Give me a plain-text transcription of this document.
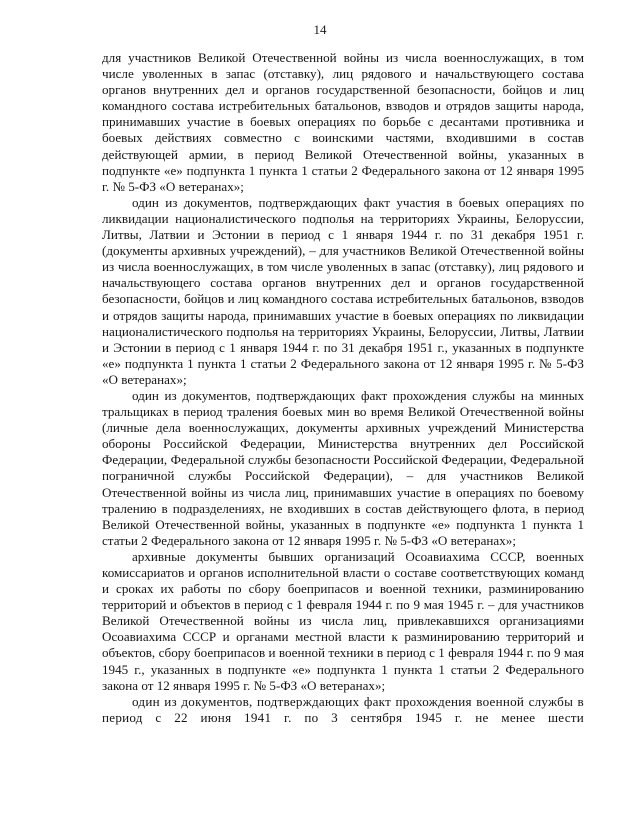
14

для участников Великой Отечественной войны из числа военнослужащих, в том числе уволенных в запас (отставку), лиц рядового и начальствующего состава органов внутренних дел и органов государственной безопасности, бойцов и лиц командного состава истребительных батальонов, взводов и отрядов защиты народа, принимавших участие в боевых операциях по борьбе с десантами противника и боевых действиях совместно с воинскими частями, входившими в состав действующей армии, в период Великой Отечественной войны, указанных в подпункте «е» подпункта 1 пункта 1 статьи 2 Федерального закона от 12 января 1995 г. № 5-ФЗ «О ветеранах»;

один из документов, подтверждающих факт участия в боевых операциях по ликвидации националистического подполья на территориях Украины, Белоруссии, Литвы, Латвии и Эстонии в период с 1 января 1944 г. по 31 декабря 1951 г. (документы архивных учреждений), – для участников Великой Отечественной войны из числа военнослужащих, в том числе уволенных в запас (отставку), лиц рядового и начальствующего состава органов внутренних дел и органов государственной безопасности, бойцов и лиц командного состава истребительных батальонов, взводов и отрядов защиты народа, принимавших участие в боевых операциях по ликвидации националистического подполья на территориях Украины, Белоруссии, Литвы, Латвии и Эстонии в период с 1 января 1944 г. по 31 декабря 1951 г., указанных в подпункте «е» подпункта 1 пункта 1 статьи 2 Федерального закона от 12 января 1995 г. № 5-ФЗ «О ветеранах»;

один из документов, подтверждающих факт прохождения службы на минных тральщиках в период траления боевых мин во время Великой Отечественной войны (личные дела военнослужащих, документы архивных учреждений Министерства обороны Российской Федерации, Министерства внутренних дел Российской Федерации, Федеральной службы безопасности Российской Федерации, Федеральной пограничной службы Российской Федерации), – для участников Великой Отечественной войны из числа лиц, принимавших участие в операциях по боевому тралению в подразделениях, не входивших в состав действующего флота, в период Великой Отечественной войны, указанных в подпункте «е» подпункта 1 пункта 1 статьи 2 Федерального закона от 12 января 1995 г. № 5-ФЗ «О ветеранах»;

архивные документы бывших организаций Осоавиахима СССР, военных комиссариатов и органов исполнительной власти о составе соответствующих команд и сроках их работы по сбору боеприпасов и военной техники, разминированию территорий и объектов в период с 1 февраля 1944 г. по 9 мая 1945 г. – для участников Великой Отечественной войны из числа лиц, привлекавшихся организациями Осоавиахима СССР и органами местной власти к разминированию территорий и объектов, сбору боеприпасов и военной техники в период с 1 февраля 1944 г. по 9 мая 1945 г., указанных в подпункте «е» подпункта 1 пункта 1 статьи 2 Федерального закона от 12 января 1995 г. № 5-ФЗ «О ветеранах»;

один из документов, подтверждающих факт прохождения военной службы в период с 22 июня 1941 г. по 3 сентября 1945 г. не менее шести
